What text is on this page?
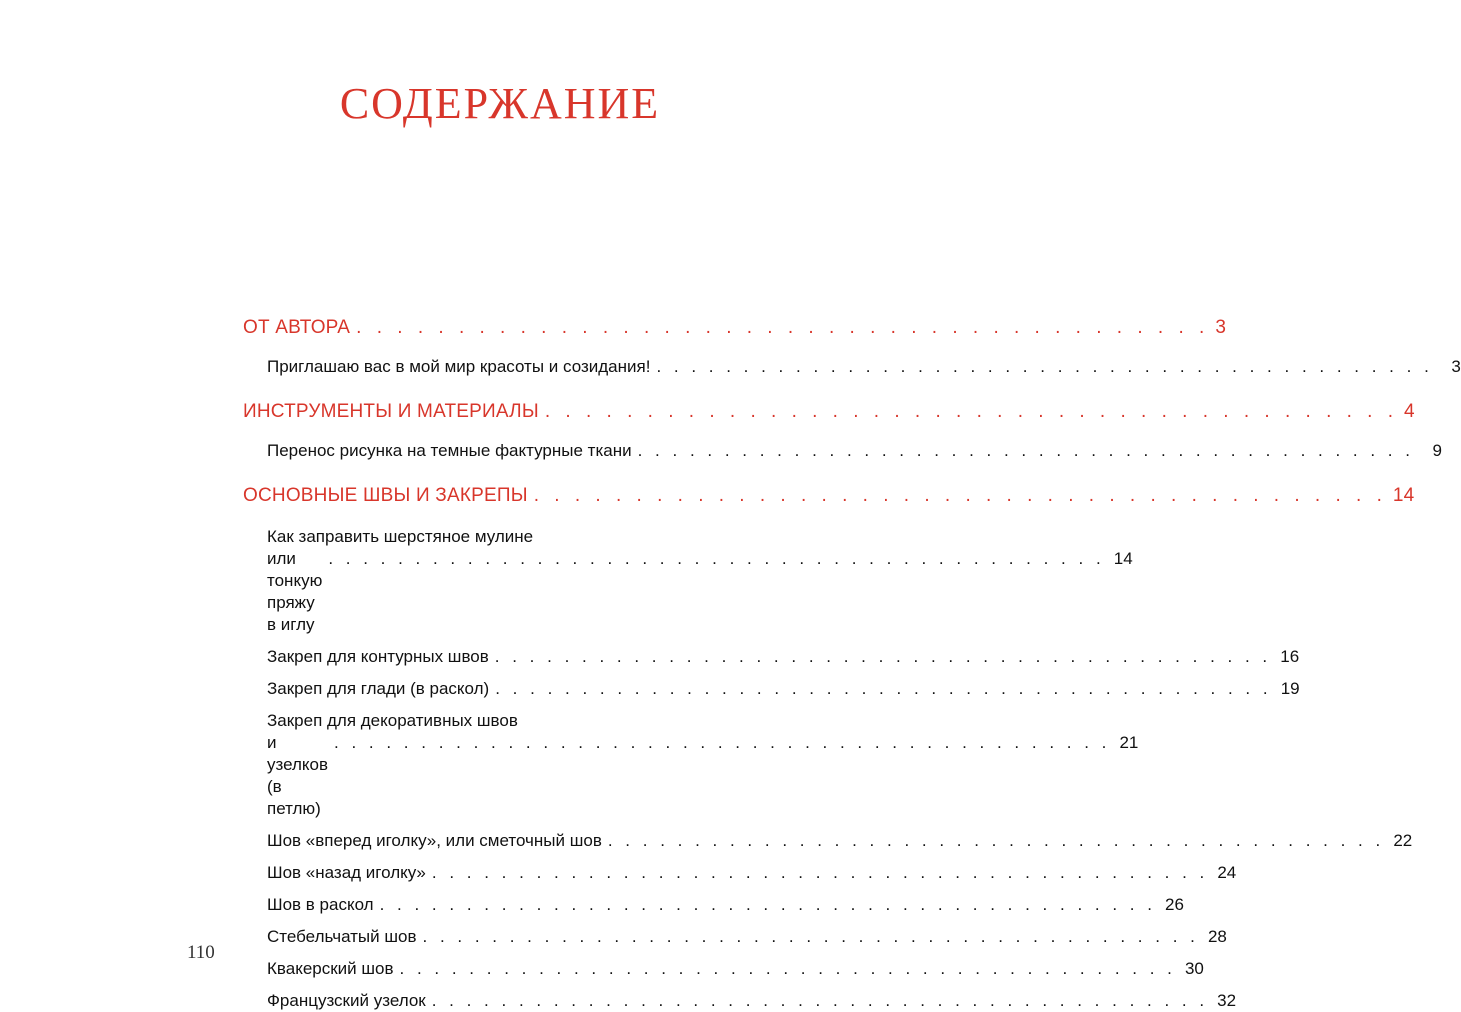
СОДЕРЖАНИЕ
ОТ АВТОРА . . . . . . . . . . . . . . . . . . . . . . . . . . . . . . . . . . . . . . . . . . 3
Приглашаю вас в мой мир красоты и созидания! . . . . . . . . . . . . . . . . . . . . . . . . . . . . . . . . . . . . . . . . . . . . .	3
ИНСТРУМЕНТЫ И МАТЕРИАЛЫ . . . . . . . . . . . . . . . . . . . . . . . . . . . . . . . . . . . . . . . . . . 4
Перенос рисунка на темные фактурные ткани . . . . . . . . . . . . . . . . . . . . . . . . . . . . . . . . . . . . . . . . . . . . .	9
ОСНОВНЫЕ ШВЫ И ЗАКРЕПЫ . . . . . . . . . . . . . . . . . . . . . . . . . . . . . . . . . . . . . . . . . . 14
Как заправить шерстяное мулине
или тонкую пряжу в иглу
. . . . . . . . . . . . . . . . . . . . . . . . . . . . . . . . . . . . . . . . . . . . . 14
Закреп для контурных швов . . . . . . . . . . . . . . . . . . . . . . . . . . . . . . . . . . . . . . . . . . . . . 16
Закреп для глади (в раскол) . . . . . . . . . . . . . . . . . . . . . . . . . . . . . . . . . . . . . . . . . . . . . 19
Закреп для декоративных швов
и узелков (в петлю)
. . . . . . . . . . . . . . . . . . . . . . . . . . . . . . . . . . . . . . . . . . . . . 21
Шов «вперед иголку», или сметочный шов . . . . . . . . . . . . . . . . . . . . . . . . . . . . . . . . . . . . . . . . . . . . . 22
Шов «назад иголку» . . . . . . . . . . . . . . . . . . . . . . . . . . . . . . . . . . . . . . . . . . . . . 24
Шов в раскол . . . . . . . . . . . . . . . . . . . . . . . . . . . . . . . . . . . . . . . . . . . . . 26
Стебельчатый шов . . . . . . . . . . . . . . . . . . . . . . . . . . . . . . . . . . . . . . . . . . . . . 28
Квакерский шов . . . . . . . . . . . . . . . . . . . . . . . . . . . . . . . . . . . . . . . . . . . . . 30
Французский узелок . . . . . . . . . . . . . . . . . . . . . . . . . . . . . . . . . . . . . . . . . . . . . 32
110
